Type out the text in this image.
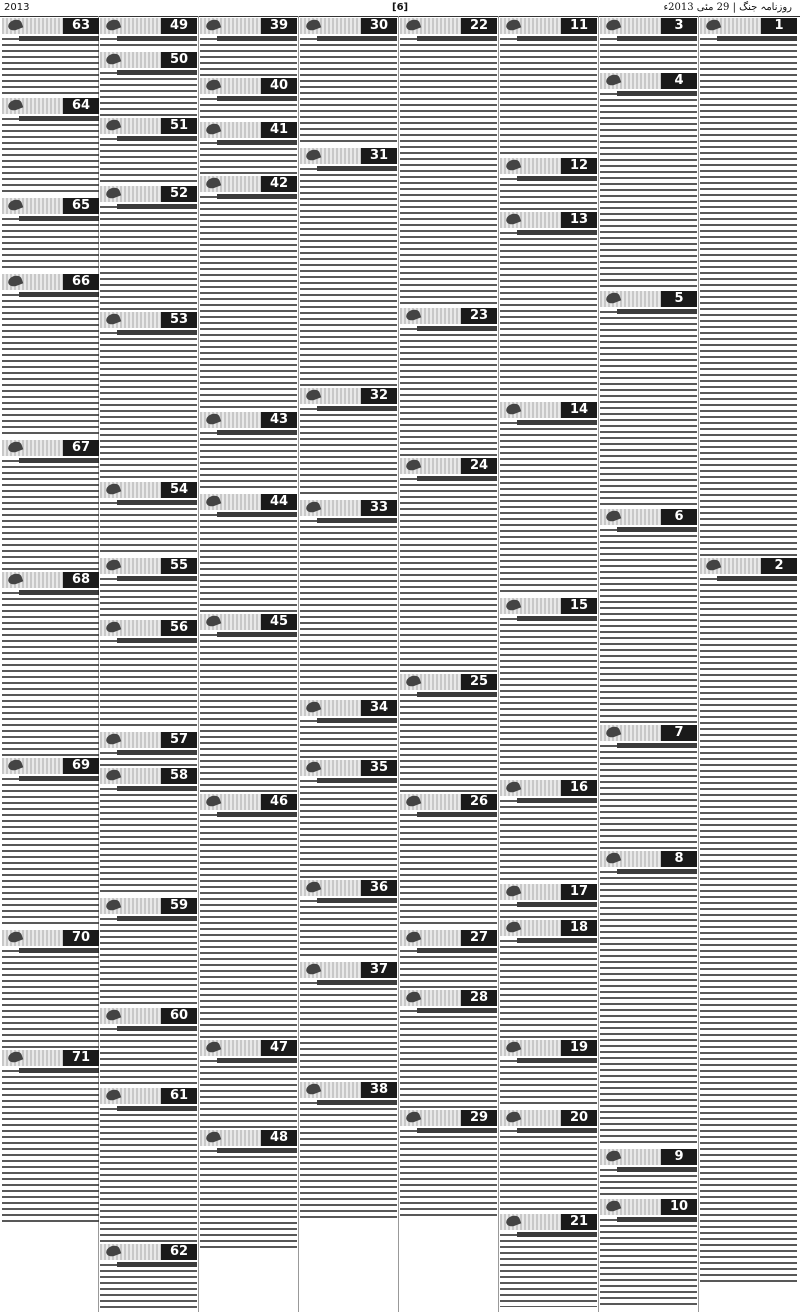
2013	[6]	روزنامہ جنگ | 29 مئی 2013ء
1
2
3
4
5
6
7
8
9
10
11
12
13
14
15
16
17
18
19
20
21
22
23
24
25
26
27
28
29
30
31
32
33
34
35
36
37
38
39
40
41
42
43
44
45
46
47
48
49
50
51
52
53
54
55
56
57
58
59
60
61
62
63
64
65
66
67
68
69
70
71
